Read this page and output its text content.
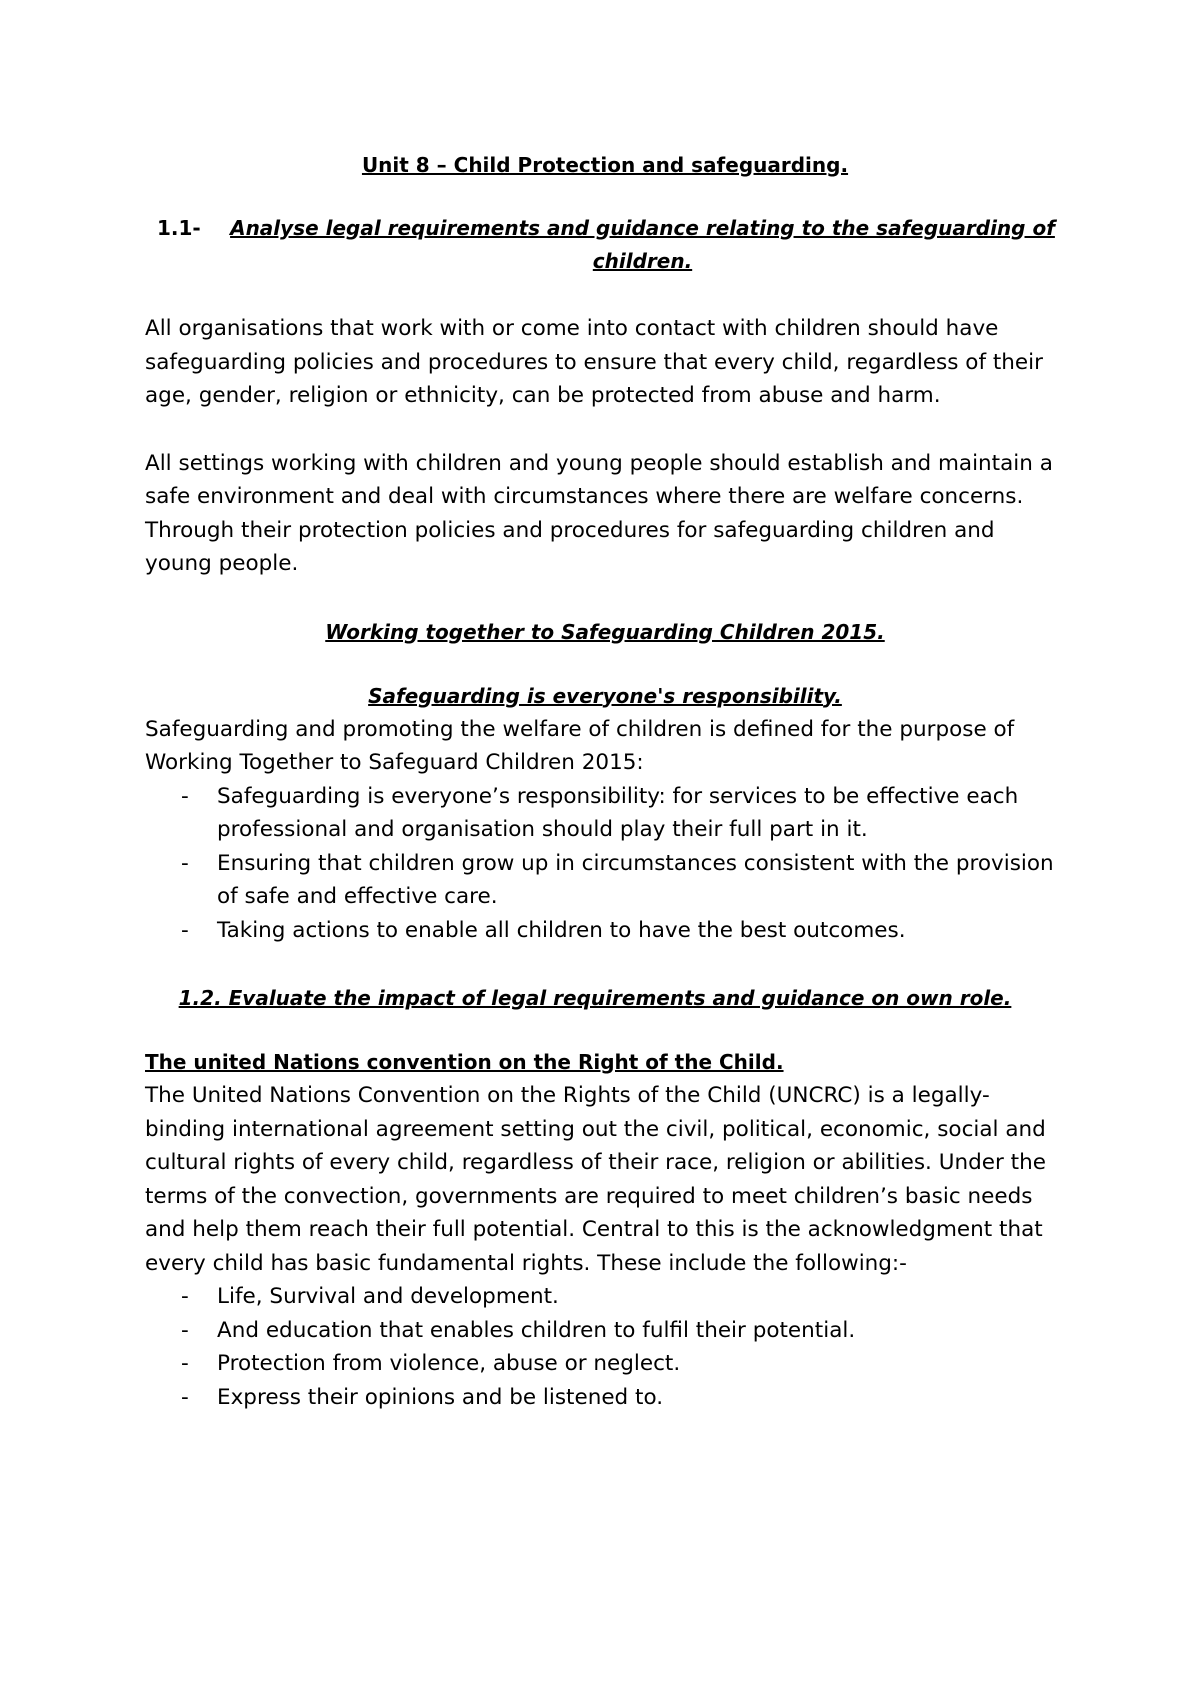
Unit 8 – Child Protection and safeguarding.

1.1- Analyse legal requirements and guidance relating to the safeguarding of children.

All organisations that work with or come into contact with children should have safeguarding policies and procedures to ensure that every child, regardless of their age, gender, religion or ethnicity, can be protected from abuse and harm.

All settings working with children and young people should establish and maintain a safe environment and deal with circumstances where there are welfare concerns. Through their protection policies and procedures for safeguarding children and young people.

Working together to Safeguarding Children 2015.

Safeguarding is everyone's responsibility.

Safeguarding and promoting the welfare of children is defined for the purpose of Working Together to Safeguard Children 2015:

- Safeguarding is everyone’s responsibility: for services to be effective each professional and organisation should play their full part in it.
- Ensuring that children grow up in circumstances consistent with the provision of safe and effective care.
- Taking actions to enable all children to have the best outcomes.

1.2. Evaluate the impact of legal requirements and guidance on own role.

The united Nations convention on the Right of the Child.

The United Nations Convention on the Rights of the Child (UNCRC) is a legally-binding international agreement setting out the civil, political, economic, social and cultural rights of every child, regardless of their race, religion or abilities. Under the terms of the convection, governments are required to meet children’s basic needs and help them reach their full potential. Central to this is the acknowledgment that every child has basic fundamental rights. These include the following:-

- Life, Survival and development.
- And education that enables children to fulfil their potential.
- Protection from violence, abuse or neglect.
- Express their opinions and be listened to.
